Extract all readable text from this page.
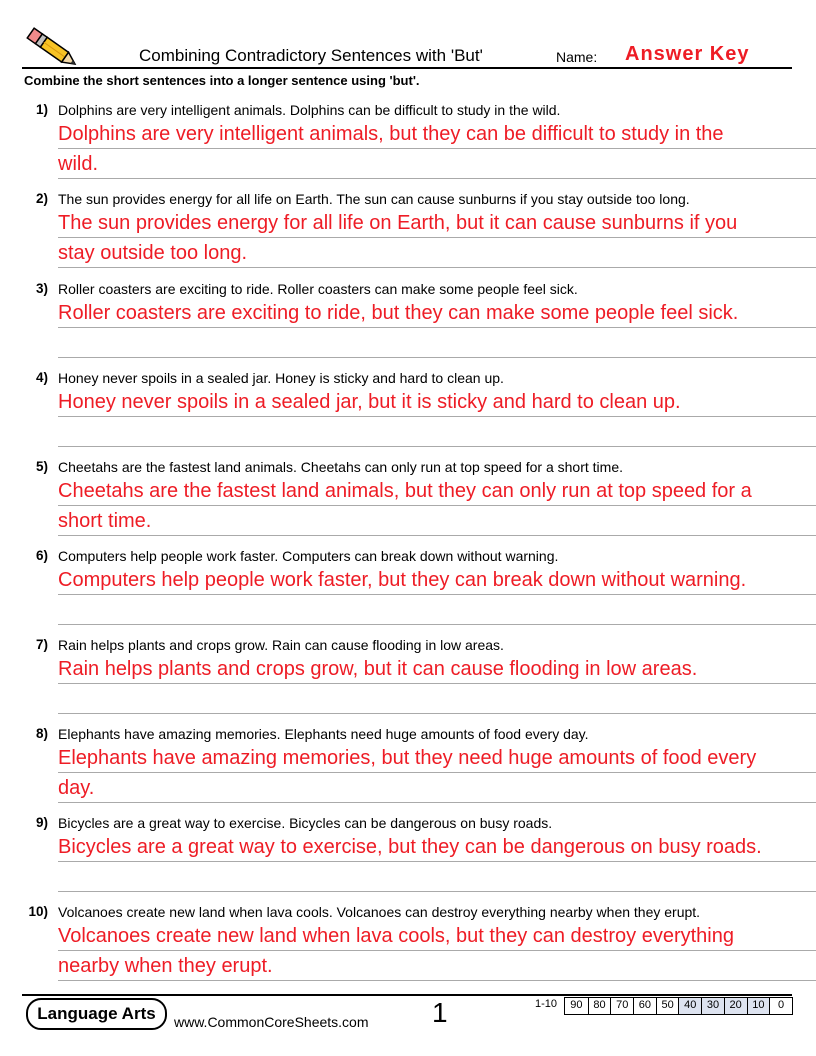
Combining Contradictory Sentences with 'But'	Name: Answer Key
Combine the short sentences into a longer sentence using 'but'.
1) Dolphins are very intelligent animals. Dolphins can be difficult to study in the wild.
Dolphins are very intelligent animals, but they can be difficult to study in the
wild.
2) The sun provides energy for all life on Earth. The sun can cause sunburns if you stay outside too long.
The sun provides energy for all life on Earth, but it can cause sunburns if you
stay outside too long.
3) Roller coasters are exciting to ride. Roller coasters can make some people feel sick.
Roller coasters are exciting to ride, but they can make some people feel sick.
4) Honey never spoils in a sealed jar. Honey is sticky and hard to clean up.
Honey never spoils in a sealed jar, but it is sticky and hard to clean up.
5) Cheetahs are the fastest land animals. Cheetahs can only run at top speed for a short time.
Cheetahs are the fastest land animals, but they can only run at top speed for a
short time.
6) Computers help people work faster. Computers can break down without warning.
Computers help people work faster, but they can break down without warning.
7) Rain helps plants and crops grow. Rain can cause flooding in low areas.
Rain helps plants and crops grow, but it can cause flooding in low areas.
8) Elephants have amazing memories. Elephants need huge amounts of food every day.
Elephants have amazing memories, but they need huge amounts of food every
day.
9) Bicycles are a great way to exercise. Bicycles can be dangerous on busy roads.
Bicycles are a great way to exercise, but they can be dangerous on busy roads.
10) Volcanoes create new land when lava cools. Volcanoes can destroy everything nearby when they erupt.
Volcanoes create new land when lava cools, but they can destroy everything
nearby when they erupt.
Language Arts www.CommonCoreSheets.com 1	1-10	90 80 70 60 50 40 30 20 10	0
